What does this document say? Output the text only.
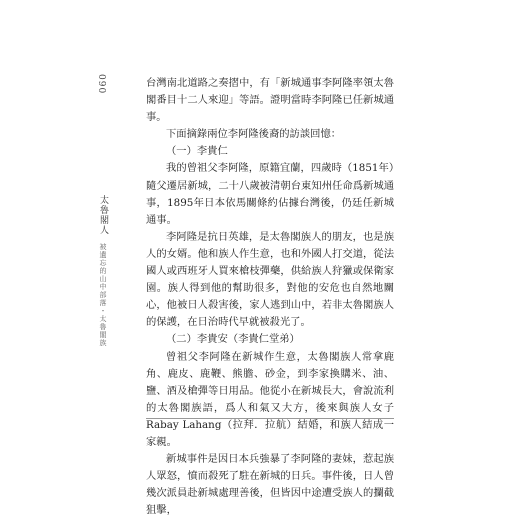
090
太魯閣人 被遺忘的山中部落・太魯閣族

台灣南北道路之奏摺中，有「新城通事李阿隆率領太魯閣番目十二人來迎」等語。證明當時李阿隆已任新城通事。

下面摘錄兩位李阿隆後裔的訪談回憶：

（一）李貴仁

我的曾祖父李阿隆，原籍宜蘭，四歲時（1851年）隨父遷居新城，二十八歲被清朝台東知州任命爲新城通事，1895年日本依馬關條約佔據台灣後，仍廷任新城通事。

李阿隆是抗日英雄，是太魯閣族人的朋友，也是族人的女婿。他和族人作生意，也和外國人打交道，從法國人或西班牙人買來槍枝彈藥，供給族人狩獵或保衛家園。族人得到他的幫助很多，對他的安危也自然地關心，他被日人殺害後，家人逃到山中，若非太魯閣族人的保護，在日治時代早就被殺光了。

（二）李貴安（李貴仁堂弟）

曾祖父李阿隆在新城作生意，太魯閣族人常拿鹿角、鹿皮、鹿鞭、熊膽、砂金，到李家換購米、油、鹽、酒及槍彈等日用品。他從小在新城長大，會說流利的太魯閣族語，爲人和氣又大方，後來與族人女子Rabay Lahang（拉拜．拉航）結婚，和族人結成一家親。

新城事件是因日本兵強暴了李阿隆的妻妹，惹起族人眾怒，憤而殺死了駐在新城的日兵。事件後，日人曾幾次派員赴新城處理善後，但皆因中途遭受族人的攔截狙擊，
